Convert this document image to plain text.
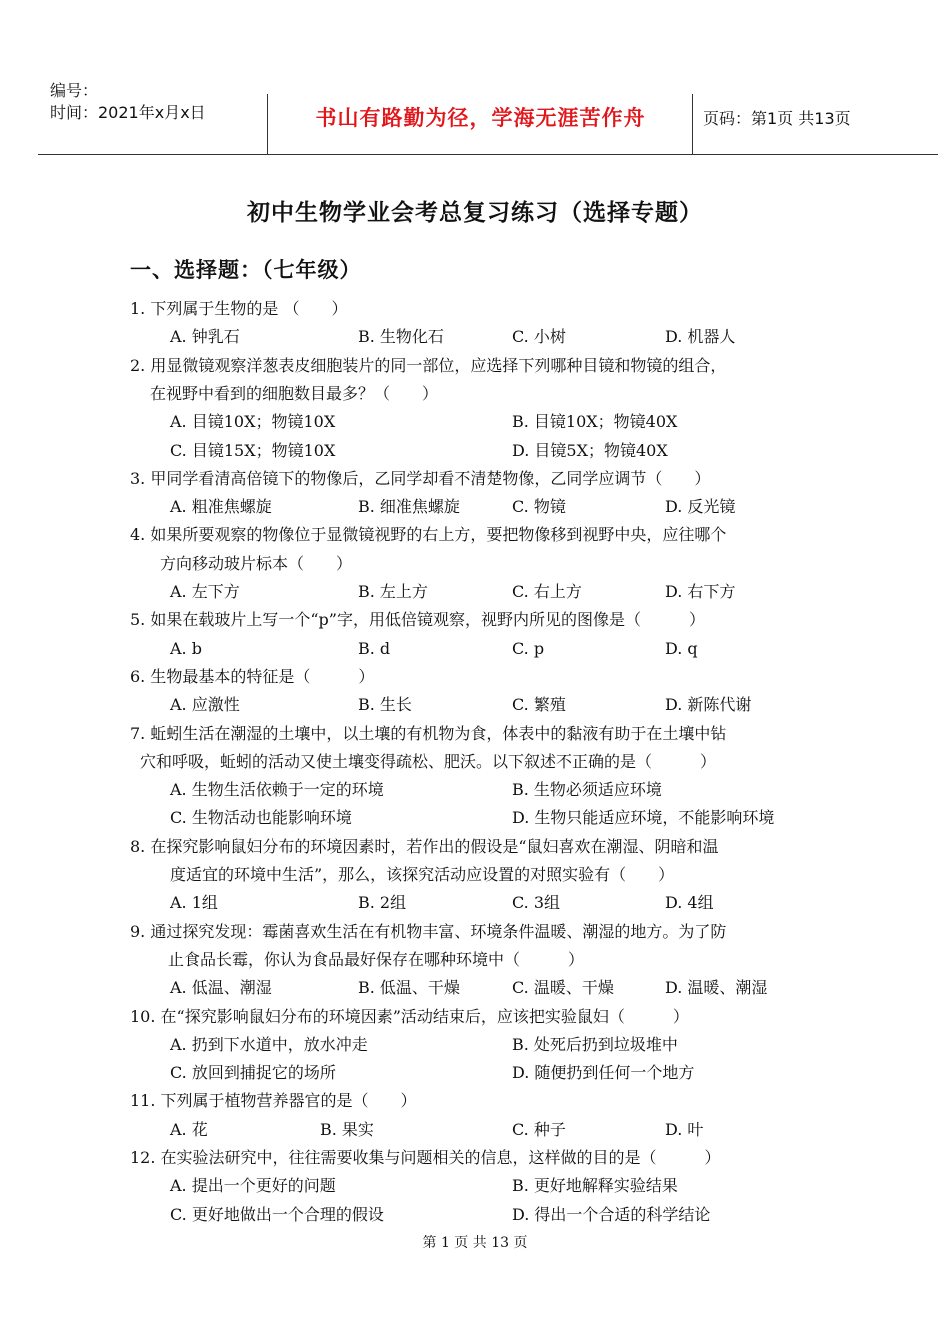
编号：
时间：2021年x月x日	书山有路勤为径，学海无涯苦作舟	页码：第1页 共13页
初中生物学业会考总复习练习（选择专题）
一、选择题：（七年级）
1. 下列属于生物的是 （　　）
A. 钟乳石	B. 生物化石	C. 小树	D. 机器人
2. 用显微镜观察洋葱表皮细胞装片的同一部位，应选择下列哪种目镜和物镜的组合，
在视野中看到的细胞数目最多？（　　）
A. 目镜10X；物镜10X	B. 目镜10X；物镜40X
C. 目镜15X；物镜10X	D. 目镜5X；物镜40X
3. 甲同学看清高倍镜下的物像后，乙同学却看不清楚物像，乙同学应调节（　　）
A. 粗准焦螺旋	B. 细准焦螺旋	C. 物镜	D. 反光镜
4. 如果所要观察的物像位于显微镜视野的右上方，要把物像移到视野中央，应往哪个
方向移动玻片标本（　　）
A. 左下方	B. 左上方	C. 右上方	D. 右下方
5. 如果在载玻片上写一个“p”字，用低倍镜观察，视野内所见的图像是（　　　）
A. b	B. d	C. p	D. q
6. 生物最基本的特征是（　　　）
A. 应激性	B. 生长	C. 繁殖	D. 新陈代谢
7. 蚯蚓生活在潮湿的土壤中，以土壤的有机物为食，体表中的黏液有助于在土壤中钻
穴和呼吸，蚯蚓的活动又使土壤变得疏松、肥沃。以下叙述不正确的是（　　　）
A. 生物生活依赖于一定的环境	B. 生物必须适应环境
C. 生物活动也能影响环境	D. 生物只能适应环境，不能影响环境
8. 在探究影响鼠妇分布的环境因素时，若作出的假设是“鼠妇喜欢在潮湿、阴暗和温
度适宜的环境中生活”，那么，该探究活动应设置的对照实验有（　　）
A. 1组	B. 2组	C. 3组	D. 4组
9. 通过探究发现：霉菌喜欢生活在有机物丰富、环境条件温暖、潮湿的地方。为了防
止食品长霉，你认为食品最好保存在哪种环境中（　　　）
A. 低温、潮湿	B. 低温、干燥	C. 温暖、干燥	D. 温暖、潮湿
10. 在“探究影响鼠妇分布的环境因素”活动结束后，应该把实验鼠妇（　　　）
A. 扔到下水道中，放水冲走	B. 处死后扔到垃圾堆中
C. 放回到捕捉它的场所	D. 随便扔到任何一个地方
11. 下列属于植物营养器官的是（　　）
A. 花	B. 果实	C. 种子	D. 叶
12. 在实验法研究中，往往需要收集与问题相关的信息，这样做的目的是（　　　）
A. 提出一个更好的问题	B. 更好地解释实验结果
C. 更好地做出一个合理的假设	D. 得出一个合适的科学结论
第 1 页 共 13 页
